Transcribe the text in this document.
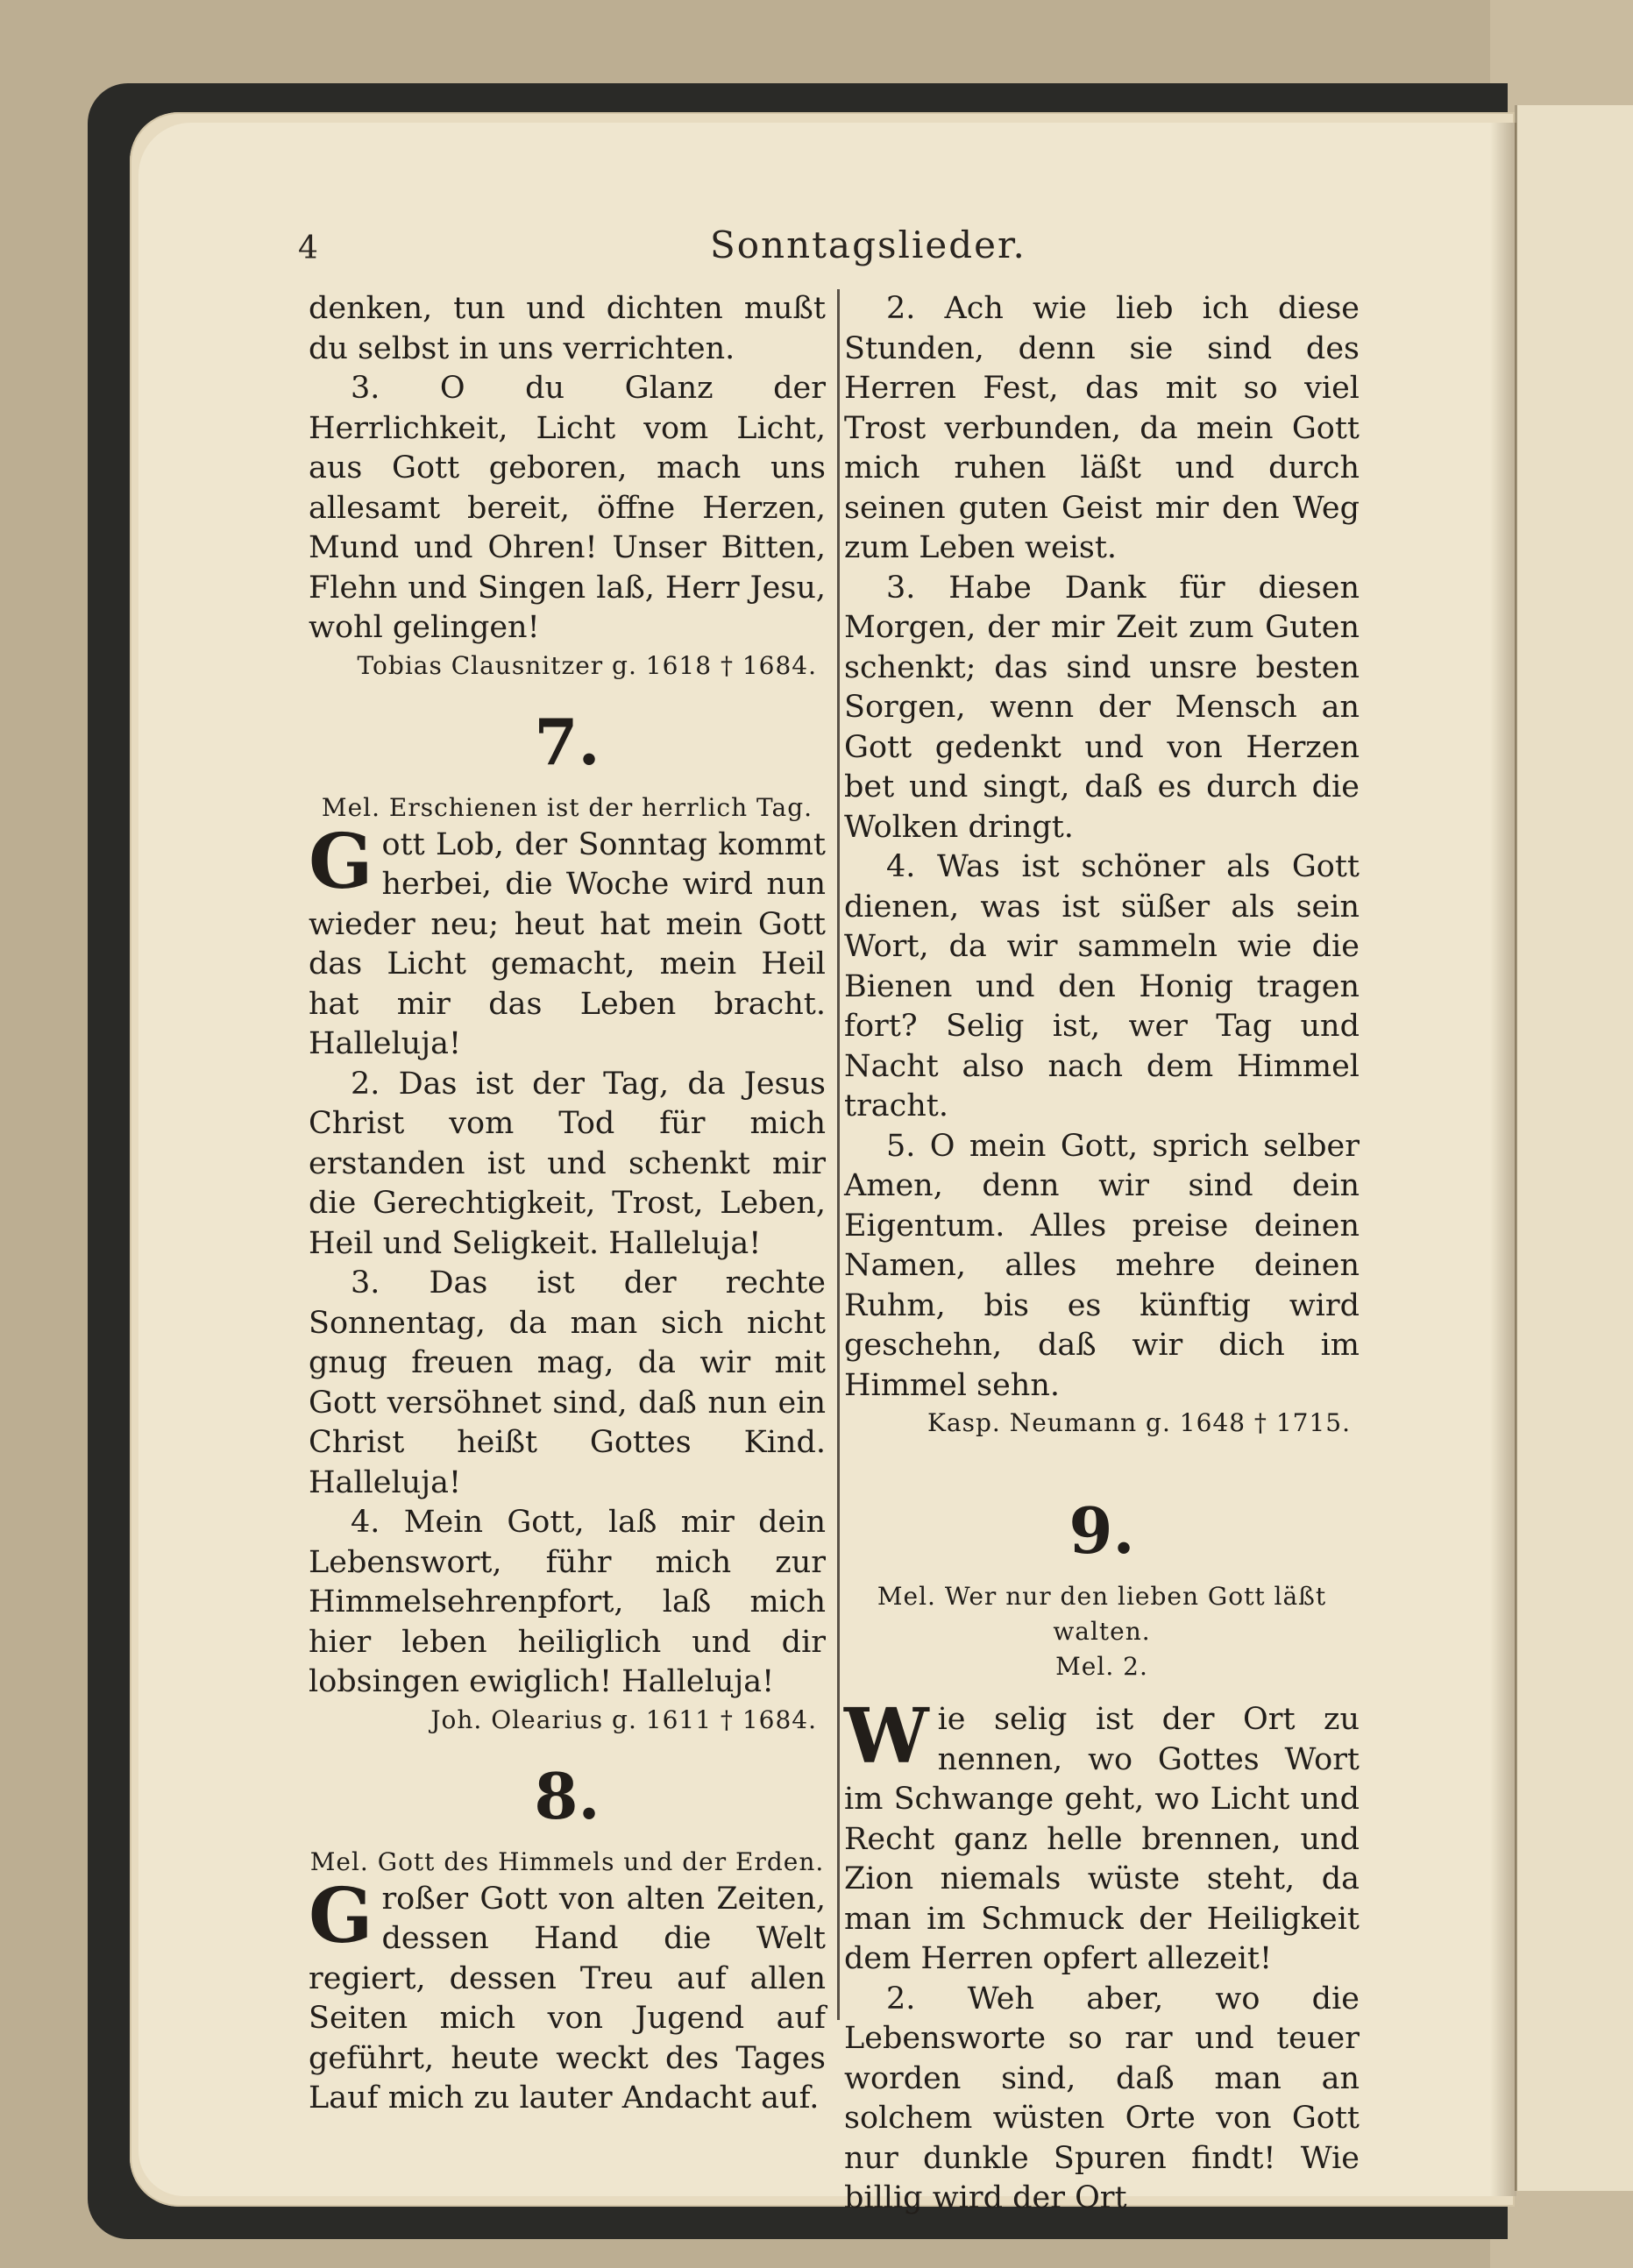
4	Sonntagslieder.

denken, tun und dichten mußt du selbst in uns verrichten.

3. O du Glanz der Herrlichkeit, Licht vom Licht, aus Gott geboren, mach uns allesamt bereit, öffne Herzen, Mund und Ohren! Unser Bitten, Flehn und Singen laß, Herr Jesu, wohl gelingen!

Tobias Clausnitzer g. 1618 † 1684.
7.
Mel. Erschienen ist der herrlich Tag.

Gott Lob, der Sonntag kommt herbei, die Woche wird nun wieder neu; heut hat mein Gott das Licht gemacht, mein Heil hat mir das Leben bracht. Halleluja!

2. Das ist der Tag, da Jesus Christ vom Tod für mich erstanden ist und schenkt mir die Gerechtigkeit, Trost, Leben, Heil und Seligkeit. Halleluja!

3. Das ist der rechte Sonnentag, da man sich nicht gnug freuen mag, da wir mit Gott versöhnet sind, daß nun ein Christ heißt Gottes Kind. Halleluja!

4. Mein Gott, laß mir dein Lebenswort, führ mich zur Himmelsehrenpfort, laß mich hier leben heiliglich und dir lobsingen ewiglich! Halleluja!

Joh. Olearius g. 1611 † 1684.
8.
Mel. Gott des Himmels und der Erden.

Großer Gott von alten Zeiten, dessen Hand die Welt regiert, dessen Treu auf allen Seiten mich von Jugend auf geführt, heute weckt des Tages Lauf mich zu lauter Andacht auf.

2. Ach wie lieb ich diese Stunden, denn sie sind des Herren Fest, das mit so viel Trost verbunden, da mein Gott mich ruhen läßt und durch seinen guten Geist mir den Weg zum Leben weist.

3. Habe Dank für diesen Morgen, der mir Zeit zum Guten schenkt; das sind unsre besten Sorgen, wenn der Mensch an Gott gedenkt und von Herzen bet und singt, daß es durch die Wolken dringt.

4. Was ist schöner als Gott dienen, was ist süßer als sein Wort, da wir sammeln wie die Bienen und den Honig tragen fort? Selig ist, wer Tag und Nacht also nach dem Himmel tracht.

5. O mein Gott, sprich selber Amen, denn wir sind dein Eigentum. Alles preise deinen Namen, alles mehre deinen Ruhm, bis es künftig wird geschehn, daß wir dich im Himmel sehn.

Kasp. Neumann g. 1648 † 1715.
9.
Mel. Wer nur den lieben Gott läßt walten.
Mel. 2.

Wie selig ist der Ort zu nennen, wo Gottes Wort im Schwange geht, wo Licht und Recht ganz helle brennen, und Zion niemals wüste steht, da man im Schmuck der Heiligkeit dem Herren opfert allezeit!

2. Weh aber, wo die Lebensworte so rar und teuer worden sind, daß man an solchem wüsten Orte von Gott nur dunkle Spuren findt! Wie billig wird der Ort
